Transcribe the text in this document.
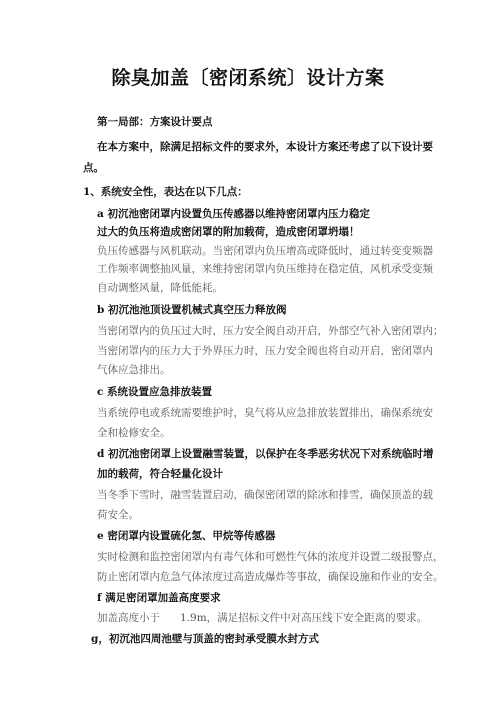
除臭加盖〔密闭系统〕设计方案
第一局部：方案设计要点
在本方案中，除满足招标文件的要求外，本设计方案还考虑了以下设计要
点。
1、系统安全性，表达在以下几点：
a 初沉池密闭罩内设置负压传感器以维持密闭罩内压力稳定
过大的负压将造成密闭罩的附加载荷，造成密闭罩坍塌！
负压传感器与风机联动。当密闭罩内负压增高或降低时，通过转变变频器
工作频率调整抽风量，来维持密闭罩内负压维持在稳定值，风机承受变频
自动调整风量，降低能耗。
b 初沉池池顶设置机械式真空压力释放阀
当密闭罩内的负压过大时，压力安全阀自动开启，外部空气补入密闭罩内；
当密闭罩内的压力大于外界压力时，压力安全阀也将自动开启，密闭罩内
气体应急排出。
c 系统设置应急排放装置
当系统停电或系统需要维护时，臭气将从应急排放装置排出，确保系统安
全和检修安全。
d 初沉池密闭罩上设置融雪装置，以保护在冬季恶劣状况下对系统临时增
加的载荷，符合轻量化设计
当冬季下雪时，融雪装置启动，确保密闭罩的除冰和排雪，确保顶盖的载
荷安全。
e 密闭罩内设置硫化氢、甲烷等传感器
实时检测和监控密闭罩内有毒气体和可燃性气体的浓度并设置二级报警点，
防止密闭罩内危急气体浓度过高造成爆炸等事故，确保设施和作业的安全。
f 满足密闭罩加盖高度要求
加盖高度小于 1.9m，满足招标文件中对高压线下安全距离的要求。
g，初沉池四周池壁与顶盖的密封承受膜水封方式
